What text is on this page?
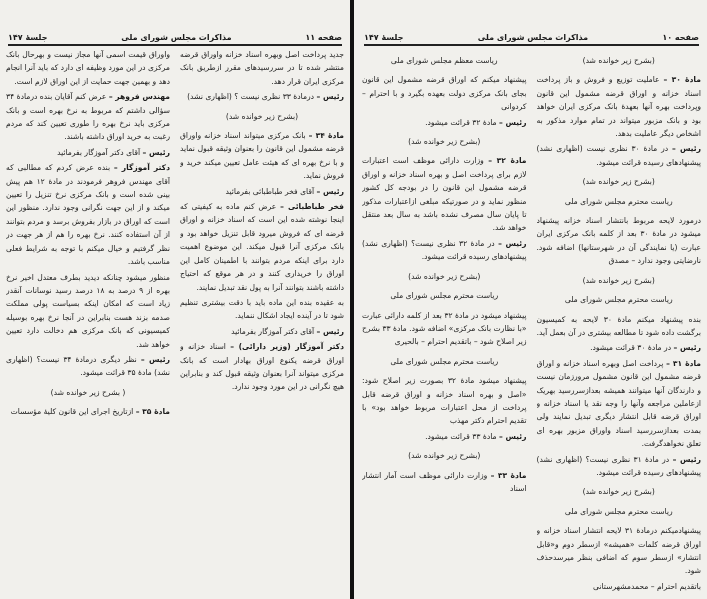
صفحه ۱۰
مذاکرات مجلس شورای ملی
جلسهٔ ۱۴۷

(بشرح زیر خوانده شد)

مادهٔ ۳۰ – عاملیت توزیع و فروش و باز پرداخت اسناد خزانه و اوراق قرضه مشمول این قانون وپرداخت بهره آنها بعهدهٔ بانک مرکزی ایران خواهد بود و بانک مزبور میتواند در تمام موارد مذکور به اشخاص دیگر عاملیت بدهد.

رئیس – در مادهٔ ۳۰ نظری نیست (اظهاری نشد) پیشنهادهای رسیده قرائت میشود.

(بشرح زیر خوانده شد)

ریاست محترم مجلس شورای ملی

درمورد لایحه مربوط بانتشار اسناد خزانه پیشنهاد میشود در مادهٔ ۳۰ بعد از کلمه بانک مرکزی ایران عبارت (یا نمایندگی آن در شهرستانها) اضافه شود. نارضایتی وجود ندارد – مصدق

(بشرح زیر خوانده شد)

ریاست محترم مجلس شورای ملی

بنده پیشنهاد میکنم مادهٔ ۳۰ لایحه به کمیسیون برگشت داده شود تا مطالعه بیشتری در آن بعمل آید.

رئیس – در مادهٔ ۳۰ قرائت میشود.

مادهٔ ۳۱ – پرداخت اصل وبهره اسناد خزانه و اوراق قرضه مشمول این قانون مشمول مرورزمان نیست و دارندگان آنها میتوانند همیشه بعدازسررسید بهریک ازعاملین مراجعه وآنها را وجه نقد یا اسناد خزانه و اوراق قرضه قابل انتشار دیگری تبدیل نمایند ولی بمدت بعدازسررسید اسناد واوراق مزبور بهره ای تعلق نخواهدگرفت.

رئیس – در مادهٔ ۳۱ نظری نیست؟ (اظهاری نشد) پیشنهادهای رسیده قرائت میشود.

(بشرح زیر خوانده شد)

ریاست محترم مجلس شورای ملی

پیشنهادمیکنم درمادهٔ ۳۱ لایحه انتشار اسناد خزانه و اوراق قرضه کلمات «همیشه» ازسطر دوم و«قابل انتشار» ازسطر سوم که اضافی بنظر میرسدحذف شود.

باتقدیم احترام – محمدمشهرستانی

ریاست معظم مجلس شورای ملی

پیشنهاد میکنم که اوراق قرضه مشمول این قانون بجای بانک مرکزی دولت بعهده بگیرد و با احترام – کردوانی

رئیس – مادهٔ ۳۲ قرائت میشود.

(بشرح زیر خوانده شد)

مادهٔ ۳۲ – وزارت دارائی موظف است اعتبارات لازم برای پرداخت اصل و بهره اسناد خزانه و اوراق قرضه مشمول این قانون را در بودجه کل کشور منظور نماید و در صورتیکه مبلغی ازاعتبارات مذکور تا پایان سال مصرف نشده باشد به سال بعد منتقل خواهد شد.

رئیس – در مادهٔ ۳۲ نظری نیست؟ (اظهاری نشد) پیشنهادهای رسیده قرائت میشود.

(بشرح زیر خوانده شد)

ریاست محترم مجلس شورای ملی

پیشنهاد میشود در مادهٔ ۳۲ بعد از کلمه دارائی عبارت «با نظارت بانک مرکزی» اضافه شود. مادهٔ ۳۳ بشرح زیر اصلاح شود – باتقدیم احترام – بالحیری

ریاست محترم مجلس شورای ملی

پیشنهاد میشود مادهٔ ۳۲ بصورت زیر اصلاح شود: «اصل و بهره اسناد خزانه و اوراق قرضه قابل پرداخت از محل اعتبارات مربوط خواهد بود» با تقدیم احترام دکتر مهذب

رئیس – مادهٔ ۳۳ قرائت میشود.

(بشرح زیر خوانده شد)

مادهٔ ۳۳ – وزارت دارائی موظف است آمار انتشار اسناد

صفحه ۱۱
مذاکرات مجلس شورای ملی
جلسهٔ ۱۴۷

جدید پرداخت اصل وبهره اسناد خزانه واوراق قرضه منتشر شده تا در سررسیدهای مقرر ازطریق بانک مرکزی ایران قرار دهد.

رئیس – درمادهٔ ۳۳ نظری نیست ؟ (اظهاری نشد)

(بشرح زیر خوانده شد)

مادهٔ ۳۴ – بانک مرکزی میتواند اسناد خزانه واوراق قرضه مشمول این قانون را بعنوان وثیقه قبول نماید و با نرخ بهره ای که هیئت عامل تعیین میکند خرید و فروش نماید.

رئیس – آقای فخر طباطبائی بفرمائید

فخر طباطبائی – عرض کنم ماده به کیفیتی که اینجا نوشته شده این است که اسناد خزانه و اوراق قرضه ای که فروش میرود قابل تنزیل خواهد بود و بانک مرکزی آنرا قبول میکند. این موضوع اهمیت دارد برای اینکه مردم بتوانند با اطمینان کامل این اوراق را خریداری کنند و در هر موقع که احتیاج داشته باشند بتوانند آنرا به پول نقد تبدیل نمایند.

به عقیده بنده این ماده باید با دقت بیشتری تنظیم شود تا در آینده ایجاد اشکال ننماید.

رئیس – آقای دکتر آموزگار بفرمائید

دکتر آموزگار (وزیر دارائی) – اسناد خزانه و اوراق قرضه یکنوع اوراق بهادار است که بانک مرکزی میتواند آنرا بعنوان وثیقه قبول کند و بنابراین هیچ نگرانی در این مورد وجود ندارد.

واوراق قیمت اسمی آنها مجاز نیست و بهرحال بانک مرکزی در این مورد وظیفه ای دارد که باید آنرا انجام دهد و بهمین جهت حمایت از این اوراق لازم است.

مهندس فروهر – عرض کنم آقایان بنده درمادهٔ ۳۴ سؤالی داشتم که مربوط به نرخ بهره است و بانک مرکزی باید نرخ بهره را طوری تعیین کند که مردم رغبت به خرید اوراق داشته باشند.

رئیس – آقای دکتر آموزگار بفرمائید

دکتر آموزگار – بنده عرض کردم که مطالبی که آقای مهندس فروهر فرمودند در مادهٔ ۱۲ هم پیش بینی شده است و بانک مرکزی نرخ تنزیل را تعیین میکند و از این جهت نگرانی وجود ندارد. منظور این است که اوراق در بازار بفروش برسد و مردم بتوانند از آن استفاده کنند. نرخ بهره را هم از هر جهت در نظر گرفتیم و خیال میکنم با توجه به شرایط فعلی مناسب باشد.

منظور میشود چنانکه دیدید بطرف معتدل اخیر نرخ بهره از ۹ درصد به ۱۸ درصد رسید نوسانات آنقدر زیاد است که امکان اینکه بسیاست پولی مملکت صدمه بزند هست بنابراین در آنجا نرخ بهره بوسیله کمیسیونی که بانک مرکزی هم دخالت دارد تعیین خواهد شد.

رئیس – نظر دیگری درمادهٔ ۳۴ نیست؟ (اظهاری نشد) مادهٔ ۳۵ قرائت میشود.

( بشرح زیر خوانده شد)

مادهٔ ۳۵ – ازتاریخ اجرای این قانون کلیهٔ مؤسسات
